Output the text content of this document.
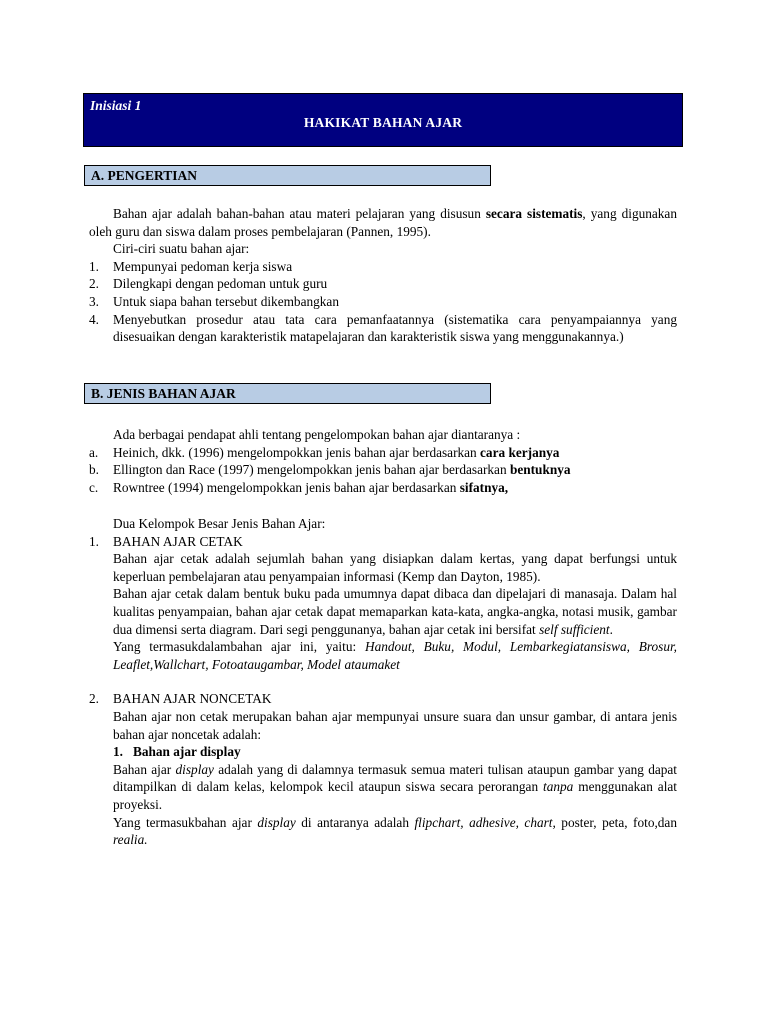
Inisiasi 1
HAKIKAT BAHAN AJAR
A. PENGERTIAN

Bahan ajar adalah bahan-bahan atau materi pelajaran yang disusun secara sistematis, yang digunakan oleh guru dan siswa dalam proses pembelajaran (Pannen, 1995).

Ciri-ciri suatu bahan ajar:

1. Mempunyai pedoman kerja siswa
2. Dilengkapi dengan pedoman untuk guru
3. Untuk siapa bahan tersebut dikembangkan
4. Menyebutkan prosedur atau tata cara pemanfaatannya (sistematika cara penyampaiannya yang disesuaikan dengan karakteristik matapelajaran dan karakteristik siswa yang menggunakannya.)
B. JENIS BAHAN AJAR

Ada berbagai pendapat ahli tentang pengelompokan bahan ajar diantaranya :

a. Heinich, dkk. (1996) mengelompokkan jenis bahan ajar berdasarkan cara kerjanya
b. Ellington dan Race (1997) mengelompokkan jenis bahan ajar berdasarkan bentuknya
c. Rowntree (1994) mengelompokkan jenis bahan ajar berdasarkan sifatnya,

Dua Kelompok Besar Jenis Bahan Ajar:

1. BAHAN AJAR CETAK

Bahan ajar cetak adalah sejumlah bahan yang disiapkan dalam kertas, yang dapat berfungsi untuk keperluan pembelajaran atau penyampaian informasi (Kemp dan Dayton, 1985).

Bahan ajar cetak dalam bentuk buku pada umumnya dapat dibaca dan dipelajari di manasaja. Dalam hal kualitas penyampaian, bahan ajar cetak dapat memaparkan kata-kata, angka-angka, notasi musik, gambar dua dimensi serta diagram. Dari segi penggunanya, bahan ajar cetak ini bersifat self sufficient.

Yang termasukdalambahan ajar ini, yaitu: Handout, Buku, Modul, Lembarkegiatansiswa, Brosur, Leaflet,Wallchart, Fotoataugambar, Model ataumaket

2. BAHAN AJAR NONCETAK

Bahan ajar non cetak merupakan bahan ajar mempunyai unsure suara dan unsur gambar, di antara jenis bahan ajar noncetak adalah:

1. Bahan ajar display

Bahan ajar display adalah yang di dalamnya termasuk semua materi tulisan ataupun gambar yang dapat ditampilkan di dalam kelas, kelompok kecil ataupun siswa secara perorangan tanpa menggunakan alat proyeksi.

Yang termasukbahan ajar display di antaranya adalah flipchart, adhesive, chart, poster, peta, foto,dan realia.
